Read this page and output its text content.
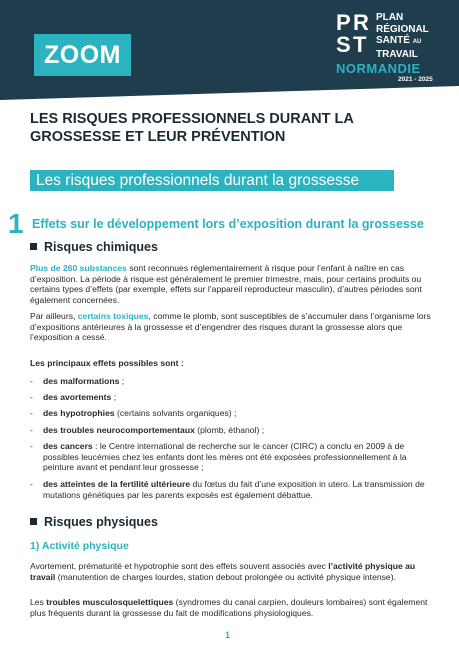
ZOOM
P R
S T
PLAN
RÉGIONAL
SANTÉ AU
TRAVAIL
NORMANDIE
2021 - 2025
LES RISQUES PROFESSIONNELS DURANT LA
GROSSESSE ET LEUR PRÉVENTION
Les risques professionnels durant la grossesse
1 Effets sur le développement lors d’exposition durant la grossesse
Risques chimiques

Plus de 260 substances sont reconnues réglementairement à risque pour l’enfant à naître en cas d’exposition. La période à risque est généralement le premier trimestre, mais, pour certains produits ou certains types d’effets (par exemple, effets sur l’appareil reproducteur masculin), d’autres périodes sont également concernées.

Par ailleurs, certains toxiques, comme le plomb, sont susceptibles de s’accumuler dans l’organisme lors d’expositions antérieures à la grossesse et d’engendrer des risques durant la grossesse alors que l’exposition a cessé.

Les principaux effets possibles sont :

- des malformations ;
- des avortements ;
- des hypotrophies (certains solvants organiques) ;
- des troubles neurocomportementaux (plomb, éthanol) ;
- des cancers : le Centre international de recherche sur le cancer (CIRC) a conclu en 2009 à de possibles leucémies chez les enfants dont les mères ont été exposées professionnellement à la peinture avant et pendant leur grossesse ;
- des atteintes de la fertilité ultérieure du fœtus du fait d’une exposition in utero. La transmission de mutations génétiques par les parents exposés est également débattue.
Risques physiques
1) Activité physique

Avortement, prématurité et hypotrophie sont des effets souvent associés avec l’activité physique au travail (manutention de charges lourdes, station debout prolongée ou activité physique intense).

Les troubles musculosquelettiques (syndromes du canal carpien, douleurs lombaires) sont également plus fréquents durant la grossesse du fait de modifications physiologiques.

1
